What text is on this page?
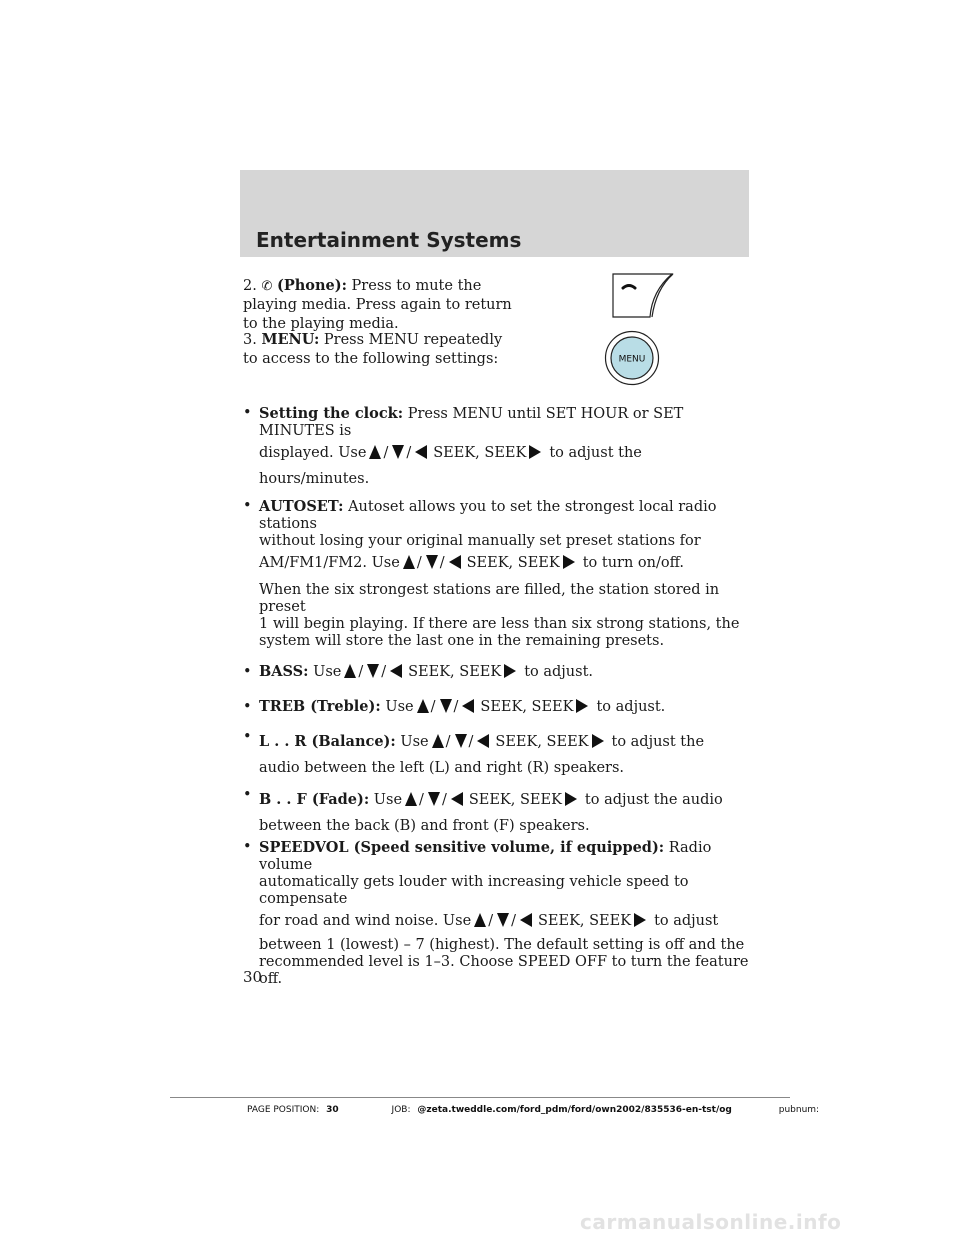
Entertainment Systems
2. ✆ (Phone): Press to mute the
playing media. Press again to return
to the playing media.
3. MENU: Press MENU repeatedly
to access to the following settings:	MENU
• Setting the clock: Press MENU until SET HOUR or SET MINUTES is
displayed. Use / / SEEK, SEEK to adjust the
hours/minutes.
• AUTOSET: Autoset allows you to set the strongest local radio stations
without losing your original manually set preset stations for
AM/FM1/FM2. Use / / SEEK, SEEK to turn on/off.
When the six strongest stations are filled, the station stored in preset
1 will begin playing. If there are less than six strong stations, the
system will store the last one in the remaining presets.
• BASS: Use / / SEEK, SEEK to adjust.
• TREB (Treble): Use / / SEEK, SEEK to adjust.
• L . . R (Balance): Use / / SEEK, SEEK to adjust the
audio between the left (L) and right (R) speakers.
• B . . F (Fade): Use / / SEEK, SEEK to adjust the audio
between the back (B) and front (F) speakers.
• SPEEDVOL (Speed sensitive volume, if equipped): Radio volume
automatically gets louder with increasing vehicle speed to compensate
for road and wind noise. Use / / SEEK, SEEK to adjust
between 1 (lowest) – 7 (highest). The default setting is off and the
recommended level is 1–3. Choose SPEED OFF to turn the feature off.
30
PAGE POSITION: 30	JOB: @zeta.tweddle.com/ford_pdm/ford/own2002/835536-en-tst/og	pubnum:
carmanualsonline.info
